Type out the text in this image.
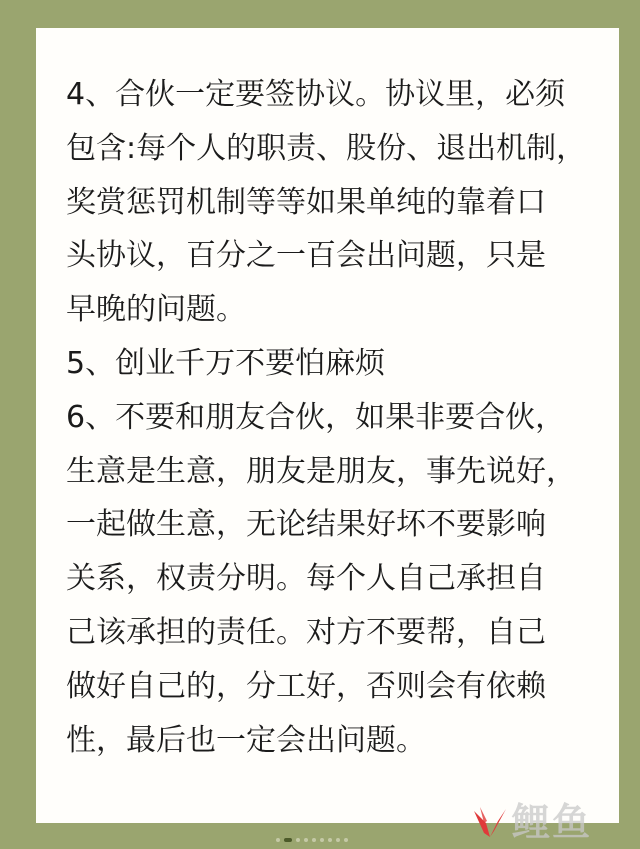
4、合伙一定要签协议。协议里，必须

包含:每个人的职责、股份、退出机制，

奖赏惩罚机制等等如果单纯的靠着口

头协议，百分之一百会出问题，只是

早晚的问题。

5、创业千万不要怕麻烦

6、不要和朋友合伙，如果非要合伙，

生意是生意，朋友是朋友，事先说好，

一起做生意，无论结果好坏不要影响

关系，权责分明。每个人自己承担自

己该承担的责任。对方不要帮，自己

做好自己的，分工好，否则会有依赖

性，最后也一定会出问题。

鲤鱼
